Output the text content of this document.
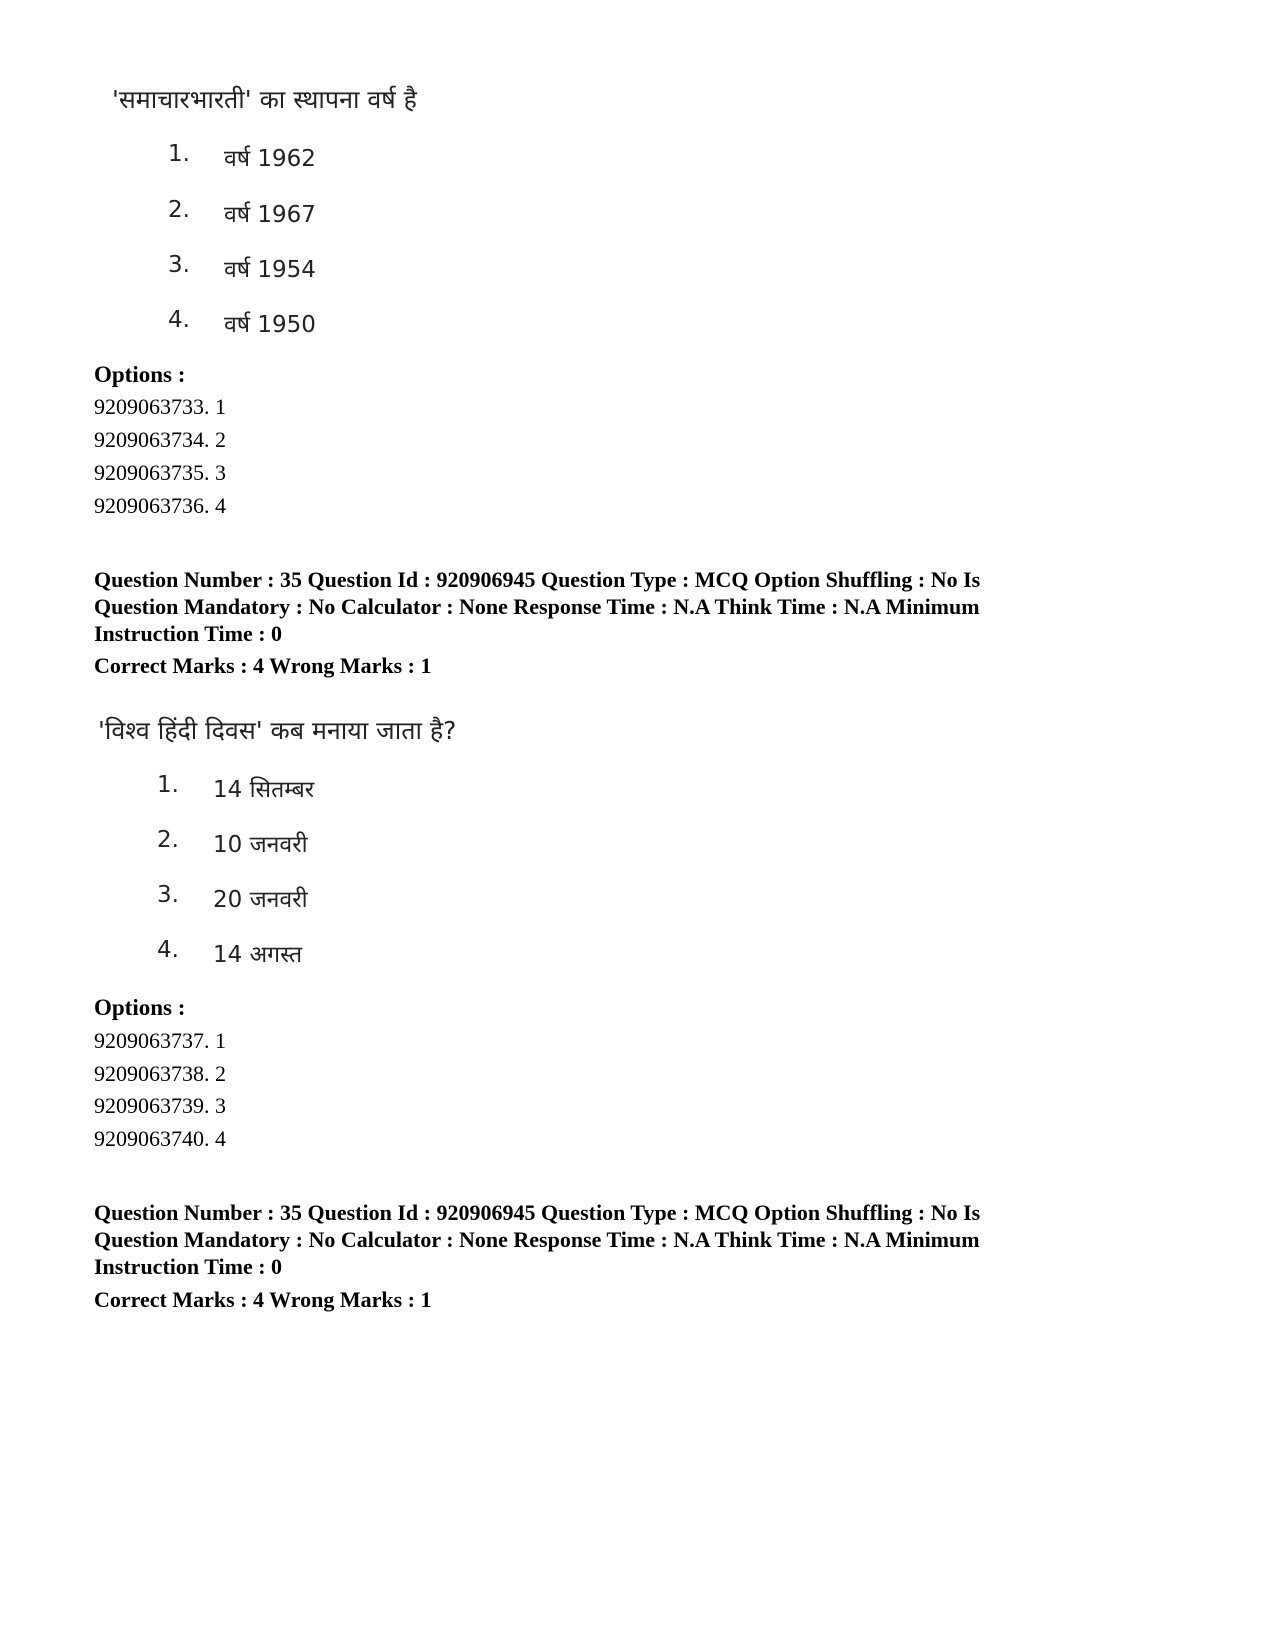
'समाचारभारती' का स्थापना वर्ष है
1. वर्ष 1962
2. वर्ष 1967
3. वर्ष 1954
4. वर्ष 1950
Options :
9209063733. 1
9209063734. 2
9209063735. 3
9209063736. 4
Question Number : 35 Question Id : 920906945 Question Type : MCQ Option Shuffling : No Is
Question Mandatory : No Calculator : None Response Time : N.A Think Time : N.A Minimum
Instruction Time : 0
Correct Marks : 4 Wrong Marks : 1
'विश्व हिंदी दिवस' कब मनाया जाता है?
1. 14 सितम्बर
2. 10 जनवरी
3. 20 जनवरी
4. 14 अगस्त
Options :
9209063737. 1
9209063738. 2
9209063739. 3
9209063740. 4
Question Number : 35 Question Id : 920906945 Question Type : MCQ Option Shuffling : No Is
Question Mandatory : No Calculator : None Response Time : N.A Think Time : N.A Minimum
Instruction Time : 0
Correct Marks : 4 Wrong Marks : 1
